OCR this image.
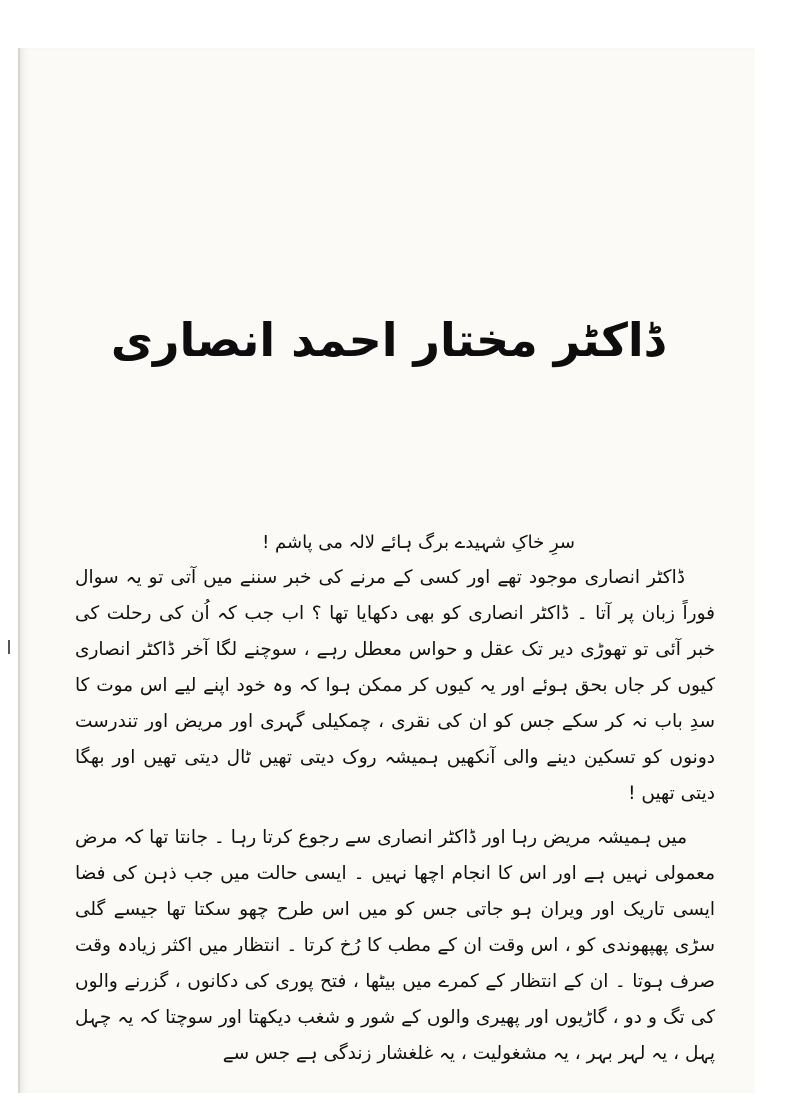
ڈاکٹر مختار احمد انصاری

سرِ خاکِ شہیدے برگ ہائے لالہ می پاشم !

ڈاکٹر انصاری موجود تھے اور کسی کے مرنے کی خبر سننے میں آتی تو یہ سوال فوراً زبان پر آتا ۔ ڈاکٹر انصاری کو بھی دکھایا تھا ؟ اب جب کہ اُن کی رحلت کی خبر آئی تو تھوڑی دیر تک عقل و حواس معطل رہے ، سوچنے لگا آخر ڈاکٹر انصاری کیوں کر جاں بحق ہوئے اور یہ کیوں کر ممکن ہوا کہ وہ خود اپنے لیے اس موت کا سدِ باب نہ کر سکے جس کو ان کی نقری ، چمکیلی گہری اور مریض اور تندرست دونوں کو تسکین دینے والی آنکھیں ہمیشہ روک دیتی تھیں ٹال دیتی تھیں اور بھگا دیتی تھیں !

میں ہمیشہ مریض رہا اور ڈاکٹر انصاری سے رجوع کرتا رہا ۔ جانتا تھا کہ مرض معمولی نہیں ہے اور اس کا انجام اچھا نہیں ۔ ایسی حالت میں جب ذہن کی فضا ایسی تاریک اور ویران ہو جاتی جس کو میں اس طرح چھو سکتا تھا جیسے گلی سڑی پھپھوندی کو ، اس وقت ان کے مطب کا رُخ کرتا ۔ انتظار میں اکثر زیادہ وقت صرف ہوتا ۔ ان کے انتظار کے کمرے میں بیٹھا ، فتح پوری کی دکانوں ، گزرنے والوں کی تگ و دو ، گاڑیوں اور پھیری والوں کے شور و شغب دیکھتا اور سوچتا کہ یہ چہل پہل ، یہ لہر بہر ، یہ مشغولیت ، یہ غلغشار زندگی ہے جس سے
